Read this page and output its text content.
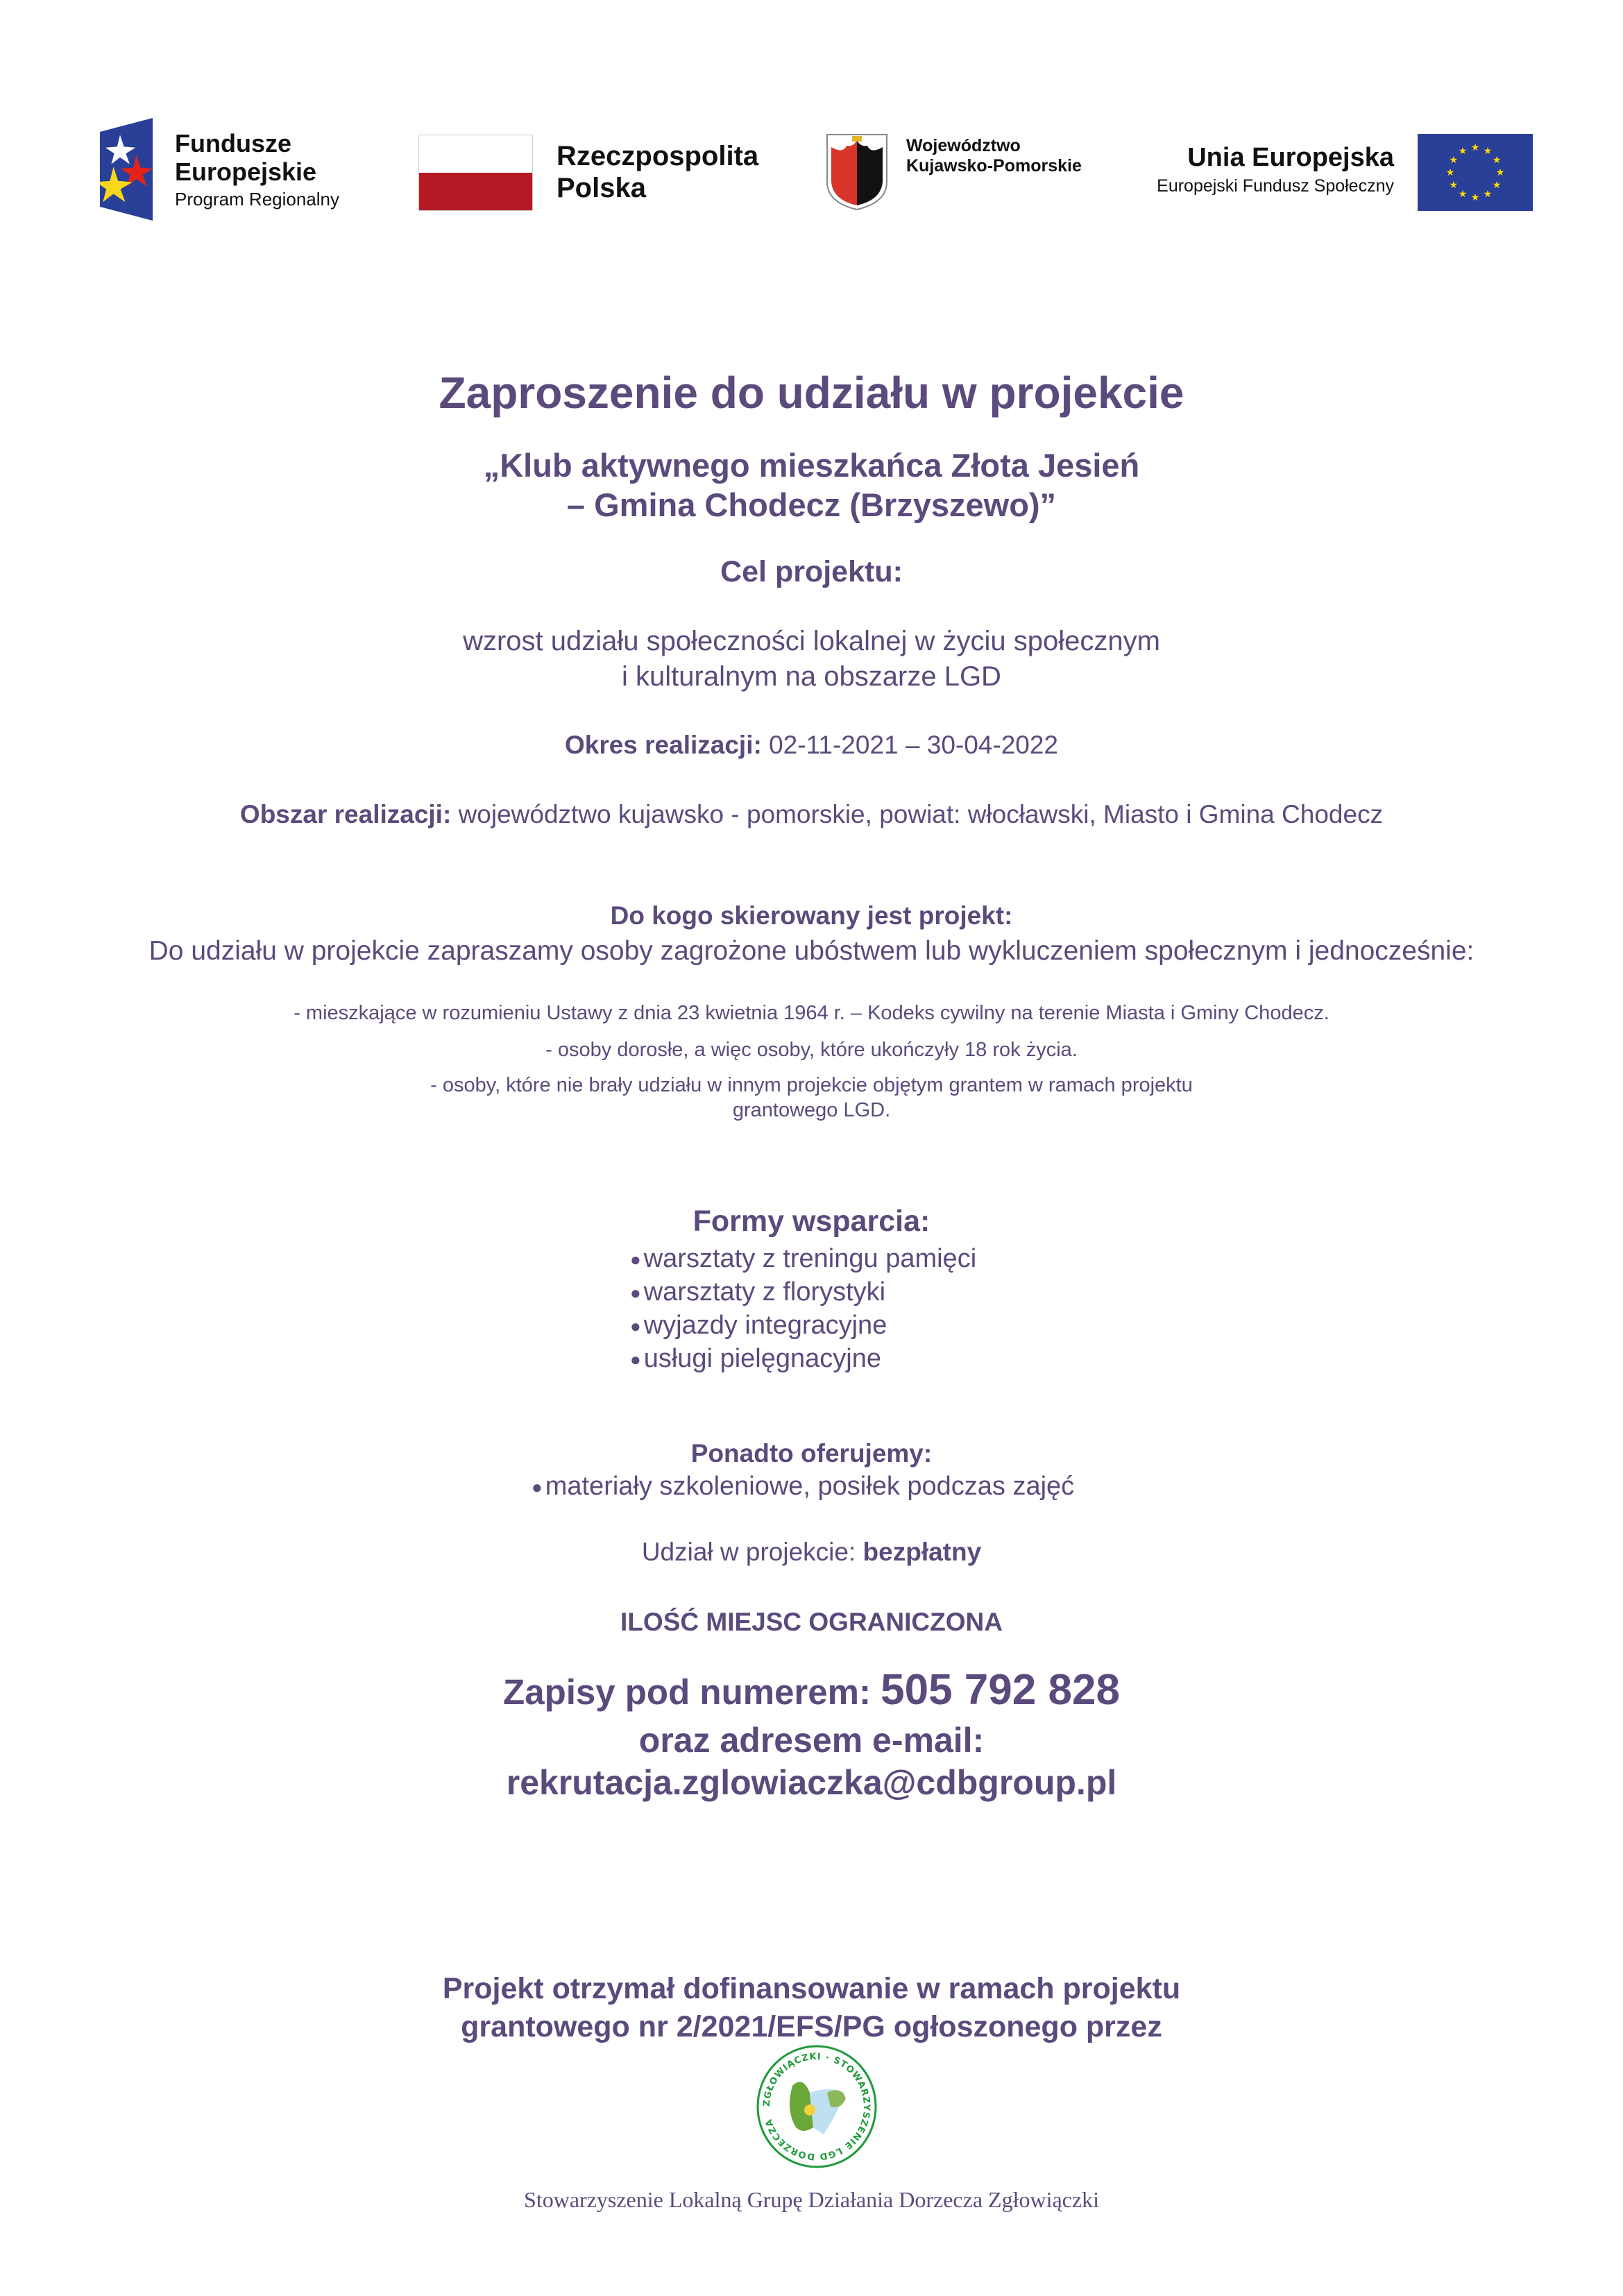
Fundusze
Europejskie
Program Regionalny
Rzeczpospolita
Polska
Województwo
Kujawsko-Pomorskie	Unia Europejska
Europejski Fundusz Społeczny
★ ★
★
★
★
★
★
★
★
★
★
★
Zaproszenie do udziału w projekcie
„Klub aktywnego mieszkańca Złota Jesień
– Gmina Chodecz (Brzyszewo)”
Cel projektu:
wzrost udziału społeczności lokalnej w życiu społecznym
i kulturalnym na obszarze LGD
Okres realizacji: 02-11-2021 – 30-04-2022
Obszar realizacji: województwo kujawsko - pomorskie, powiat: włocławski, Miasto i Gmina Chodecz
Do kogo skierowany jest projekt:
Do udziału w projekcie zapraszamy osoby zagrożone ubóstwem lub wykluczeniem społecznym i jednocześnie:
- mieszkające w rozumieniu Ustawy z dnia 23 kwietnia 1964 r. – Kodeks cywilny na terenie Miasta i Gminy Chodecz.
- osoby dorosłe, a więc osoby, które ukończyły 18 rok życia.
- osoby, które nie brały udziału w innym projekcie objętym grantem w ramach projektu
grantowego LGD.
Formy wsparcia:
● warsztaty z treningu pamięci
● warsztaty z florystyki
● wyjazdy integracyjne
● usługi pielęgnacyjne
Ponadto oferujemy:
● materiały szkoleniowe, posiłek podczas zajęć
Udział w projekcie: bezpłatny
ILOŚĆ MIEJSC OGRANICZONA
Zapisy pod numerem: 505 792 828
oraz adresem e-mail:
rekrutacja.zglowiaczka@cdbgroup.pl
Projekt otrzymał dofinansowanie w ramach projektu
grantowego nr 2/2021/EFS/PG ogłoszonego przez
ZGŁOWIĄCZKI · STOWARZYSZENIE LGD DORZECZA
Stowarzyszenie Lokalną Grupę Działania Dorzecza Zgłowiączki
